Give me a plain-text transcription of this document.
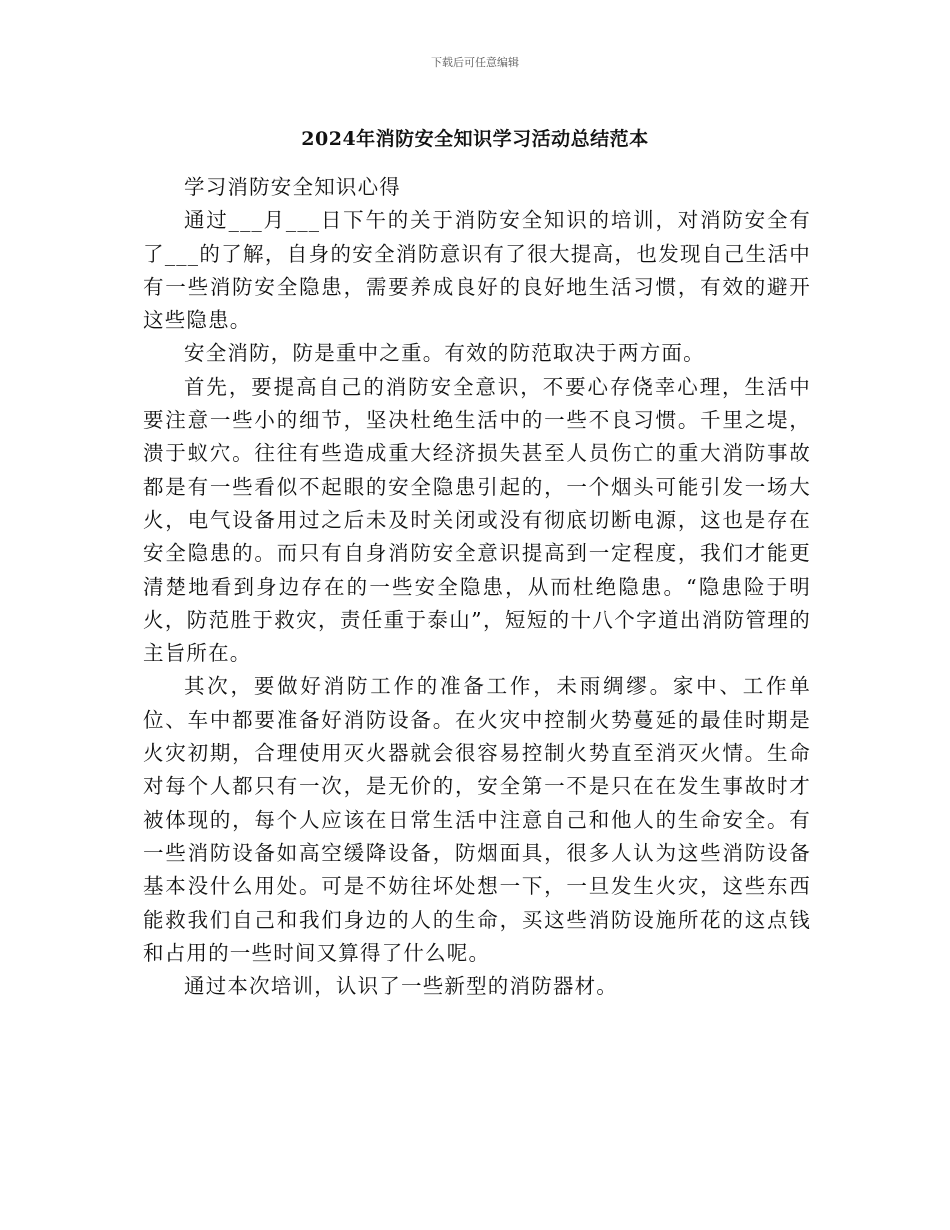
下载后可任意编辑
2024年消防安全知识学习活动总结范本

学习消防安全知识心得

通过___月___日下午的关于消防安全知识的培训，对消防安全有了___的了解，自身的安全消防意识有了很大提高，也发现自己生活中有一些消防安全隐患，需要养成良好的良好地生活习惯，有效的避开这些隐患。

安全消防，防是重中之重。有效的防范取决于两方面。

首先，要提高自己的消防安全意识，不要心存侥幸心理，生活中要注意一些小的细节，坚决杜绝生活中的一些不良习惯。千里之堤，溃于蚁穴。往往有些造成重大经济损失甚至人员伤亡的重大消防事故都是有一些看似不起眼的安全隐患引起的，一个烟头可能引发一场大火，电气设备用过之后未及时关闭或没有彻底切断电源，这也是存在安全隐患的。而只有自身消防安全意识提高到一定程度，我们才能更清楚地看到身边存在的一些安全隐患，从而杜绝隐患。“隐患险于明火，防范胜于救灾，责任重于泰山”，短短的十八个字道出消防管理的主旨所在。

其次，要做好消防工作的准备工作，未雨绸缪。家中、工作单位、车中都要准备好消防设备。在火灾中控制火势蔓延的最佳时期是火灾初期，合理使用灭火器就会很容易控制火势直至消灭火情。生命对每个人都只有一次，是无价的，安全第一不是只在在发生事故时才被体现的，每个人应该在日常生活中注意自己和他人的生命安全。有一些消防设备如高空缓降设备，防烟面具，很多人认为这些消防设备基本没什么用处。可是不妨往坏处想一下，一旦发生火灾，这些东西能救我们自己和我们身边的人的生命，买这些消防设施所花的这点钱和占用的一些时间又算得了什么呢。

通过本次培训，认识了一些新型的消防器材。
